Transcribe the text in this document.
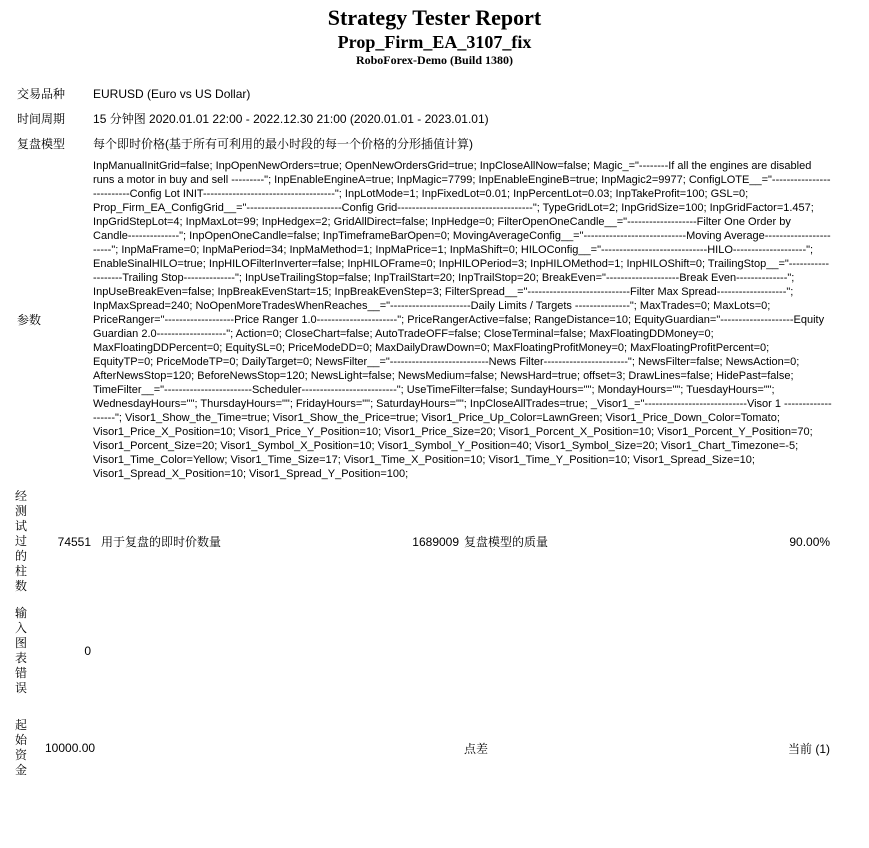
Strategy Tester Report
Prop_Firm_EA_3107_fix
RoboForex-Demo (Build 1380)
交易品种		EURUSD (Euro vs US Dollar)			
时间周期		15 分钟图 2020.01.01 22:00 - 2022.12.30 21:00 (2020.01.01 - 2023.01.01)			
复盘模型		每个即时价格(基于所有可利用的最小时段的每一个价格的分形插值计算)			
参数		InpManualInitGrid=false; InpOpenNewOrders=true; OpenNewOrdersGrid=true; InpCloseAllNow=false; Magic_="--------If all the engines are disabled runs a motor in buy and sell ---------"; InpEnableEngineA=true; InpMagic=7799; InpEnableEngineB=true; InpMagic2=9977; ConfigLOTE__="--------------------------Config Lot INIT------------------------------------"; InpLotMode=1; InpFixedLot=0.01; InpPercentLot=0.03; InpTakeProfit=100; GSL=0; Prop_Firm_EA_ConfigGrid__="--------------------------Config Grid-------------------------------------"; TypeGridLot=2; InpGridSize=100; InpGridFactor=1.457; InpGridStepLot=4; InpMaxLot=99; InpHedgex=2; GridAllDirect=false; InpHedge=0; FilterOpenOneCandle__="-------------------Filter One Order by Candle--------------"; InpOpenOneCandle=false; InpTimeframeBarOpen=0; MovingAverageConfig__="----------------------------Moving Average-----------------------"; InpMaFrame=0; InpMaPeriod=34; InpMaMethod=1; InpMaPrice=1; InpMaShift=0; HILOConfig__="-----------------------------HILO--------------------"; EnableSinalHILO=true; InpHILOFilterInverter=false; InpHILOFrame=0; InpHILOPeriod=3; InpHILOMethod=1; InpHILOShift=0; TrailingStop__="-------------------Trailing Stop--------------"; InpUseTrailingStop=false; InpTrailStart=20; InpTrailStop=20; BreakEven="--------------------Break Even--------------"; InpUseBreakEven=false; InpBreakEvenStart=15; InpBreakEvenStep=3; FilterSpread__="----------------------------Filter Max Spread-------------------"; InpMaxSpread=240; NoOpenMoreTradesWhenReaches__="----------------------Daily Limits / Targets ---------------"; MaxTrades=0; MaxLots=0; PriceRanger="-------------------Price Ranger 1.0----------------------"; PriceRangerActive=false; RangeDistance=10; EquityGuardian="--------------------Equity Guardian 2.0-------------------"; Action=0; CloseChart=false; AutoTradeOFF=false; CloseTerminal=false; MaxFloatingDDMoney=0; MaxFloatingDDPercent=0; EquitySL=0; PriceModeDD=0; MaxDailyDrawDown=0; MaxFloatingProfitMoney=0; MaxFloatingProfitPercent=0; EquityTP=0; PriceModeTP=0; DailyTarget=0; NewsFilter__="---------------------------News Filter-----------------------"; NewsFilter=false; NewsAction=0; AfterNewsStop=120; BeforeNewsStop=120; NewsLight=false; NewsMedium=false; NewsHard=true; offset=3; DrawLines=false; HidePast=false; TimeFilter__="------------------------Scheduler--------------------------"; UseTimeFilter=false; SundayHours=""; MondayHours=""; TuesdayHours=""; WednesdayHours=""; ThursdayHours=""; FridayHours=""; SaturdayHours=""; InpCloseAllTrades=true; _Visor1_="----------------------------Visor 1 -------------------"; Visor1_Show_the_Time=true; Visor1_Show_the_Price=true; Visor1_Price_Up_Color=LawnGreen; Visor1_Price_Down_Color=Tomato; Visor1_Price_X_Position=10; Visor1_Price_Y_Position=10; Visor1_Price_Size=20; Visor1_Porcent_X_Position=10; Visor1_Porcent_Y_Position=70; Visor1_Porcent_Size=20; Visor1_Symbol_X_Position=10; Visor1_Symbol_Y_Position=40; Visor1_Symbol_Size=20; Visor1_Chart_Timezone=-5; Visor1_Time_Color=Yellow; Visor1_Time_Size=17; Visor1_Time_X_Position=10; Visor1_Time_Y_Position=10; Visor1_Spread_Size=10; Visor1_Spread_X_Position=10; Visor1_Spread_Y_Position=100;			

经测试过的柱数	74551	用于复盘的即时价数量	1689009	复盘模型的质量	90.00%

输入图表错误	0				

起始资金	10000.00			点差	当前 (1)
